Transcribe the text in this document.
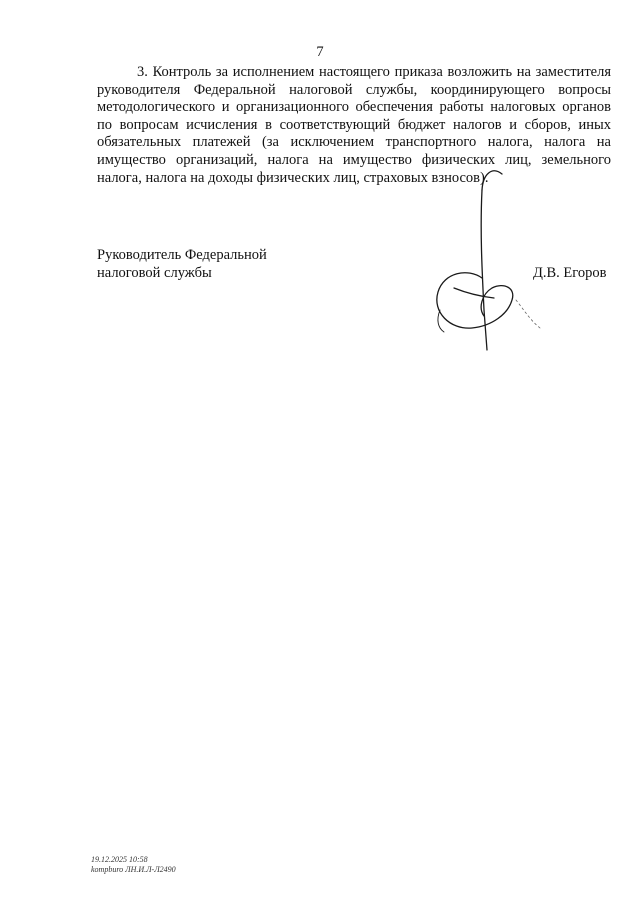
7

3. Контроль за исполнением настоящего приказа возложить на заместителя руководителя Федеральной налоговой службы, координирующего вопросы методологического и организационного обеспечения работы налоговых органов по вопросам исчисления в соответствующий бюджет налогов и сборов, иных обязательных платежей (за исключением транспортного налога, налога на имущество организаций, налога на имущество физических лиц, земельного налога, налога на доходы физических лиц, страховых взносов).

Руководитель Федеральной
налоговой службы	Д.В. Егоров
19.12.2025 10:58
kompburo ЛН.И.Л-Л2490
